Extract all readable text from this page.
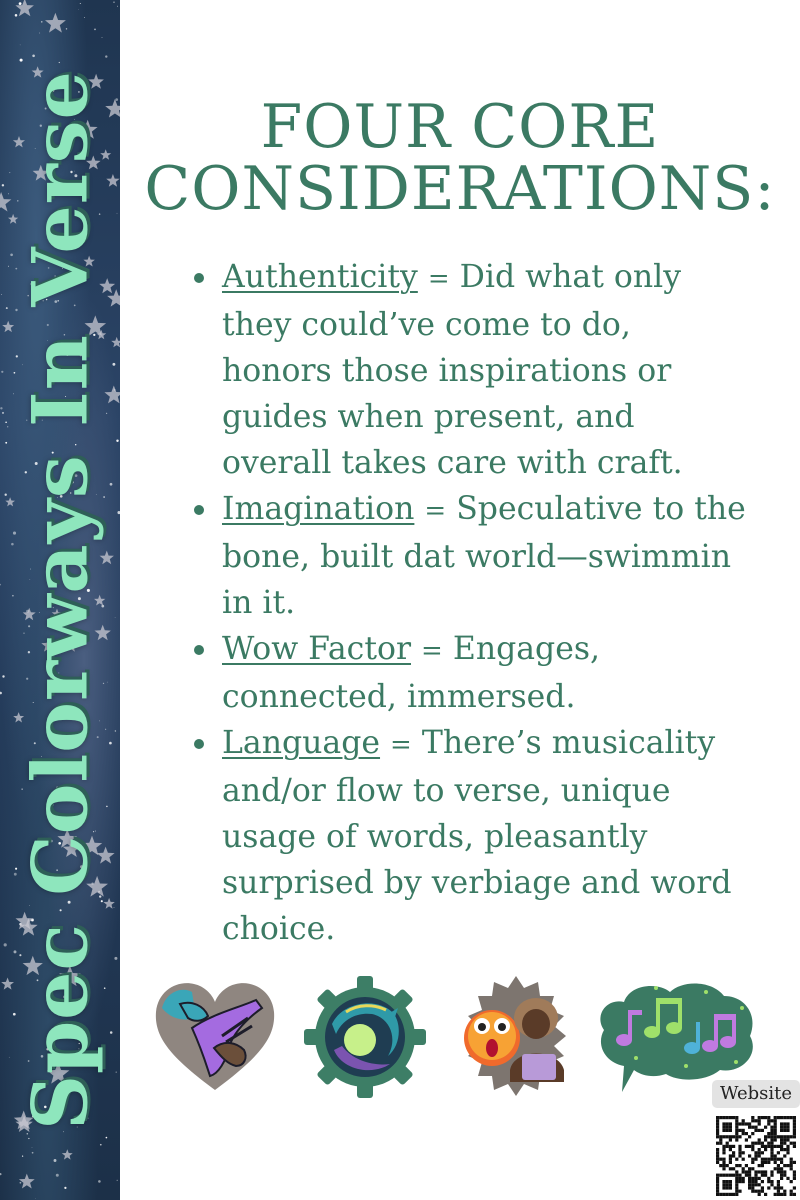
Spec Colorways In Verse	FOUR CORE
CONSIDERATIONS:
Authenticity = Did what only they could’ve come to do, honors those inspirations or guides when present, and overall takes care with craft.
Imagination = Speculative to the bone, built dat world—swimmin in it.
Wow Factor = Engages, connected, immersed.
Language = There’s musicality and/or flow to verse, unique usage of words, pleasantly surprised by verbiage and word choice.
Website
